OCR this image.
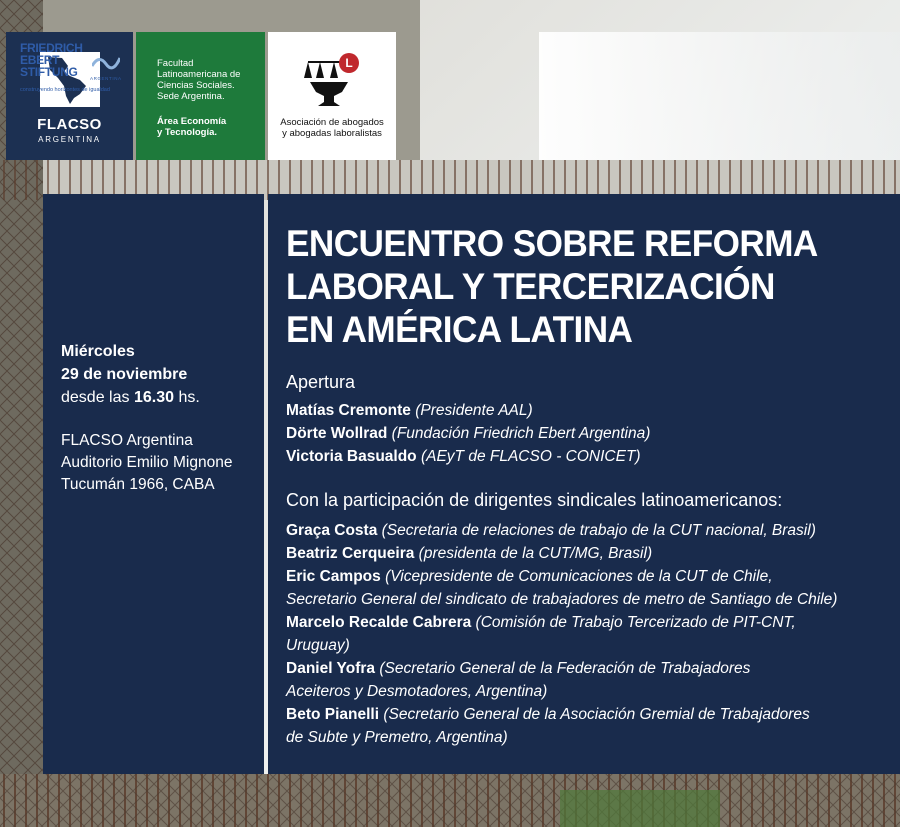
FLACSO
ARGENTINA
Facultad
Latinoamericana de
Ciencias Sociales.
Sede Argentina.
Área Economía
y Tecnología.
L
Asociación de abogados
y abogadas laboralistas
FRIEDRICH
EBERT
STIFTUNG	ARGENTINA
construyendo horizontes de igualdad
Miércoles
29 de noviembre
desde las 16.30 hs.
FLACSO Argentina
Auditorio Emilio Mignone
Tucumán 1966, CABA
ENCUENTRO SOBRE REFORMA
LABORAL Y TERCERIZACIÓN
EN AMÉRICA LATINA
Apertura
Matías Cremonte (Presidente AAL)
Dörte Wollrad (Fundación Friedrich Ebert Argentina)
Victoria Basualdo (AEyT de FLACSO - CONICET)
Con la participación de dirigentes sindicales latinoamericanos:
Graça Costa (Secretaria de relaciones de trabajo de la CUT nacional, Brasil)
Beatriz Cerqueira (presidenta de la CUT/MG, Brasil)
Eric Campos (Vicepresidente de Comunicaciones de la CUT de Chile,
Secretario General del sindicato de trabajadores de metro de Santiago de Chile)
Marcelo Recalde Cabrera (Comisión de Trabajo Tercerizado de PIT-CNT,
Uruguay)
Daniel Yofra (Secretario General de la Federación de Trabajadores
Aceiteros y Desmotadores, Argentina)
Beto Pianelli (Secretario General de la Asociación Gremial de Trabajadores
de Subte y Premetro, Argentina)
